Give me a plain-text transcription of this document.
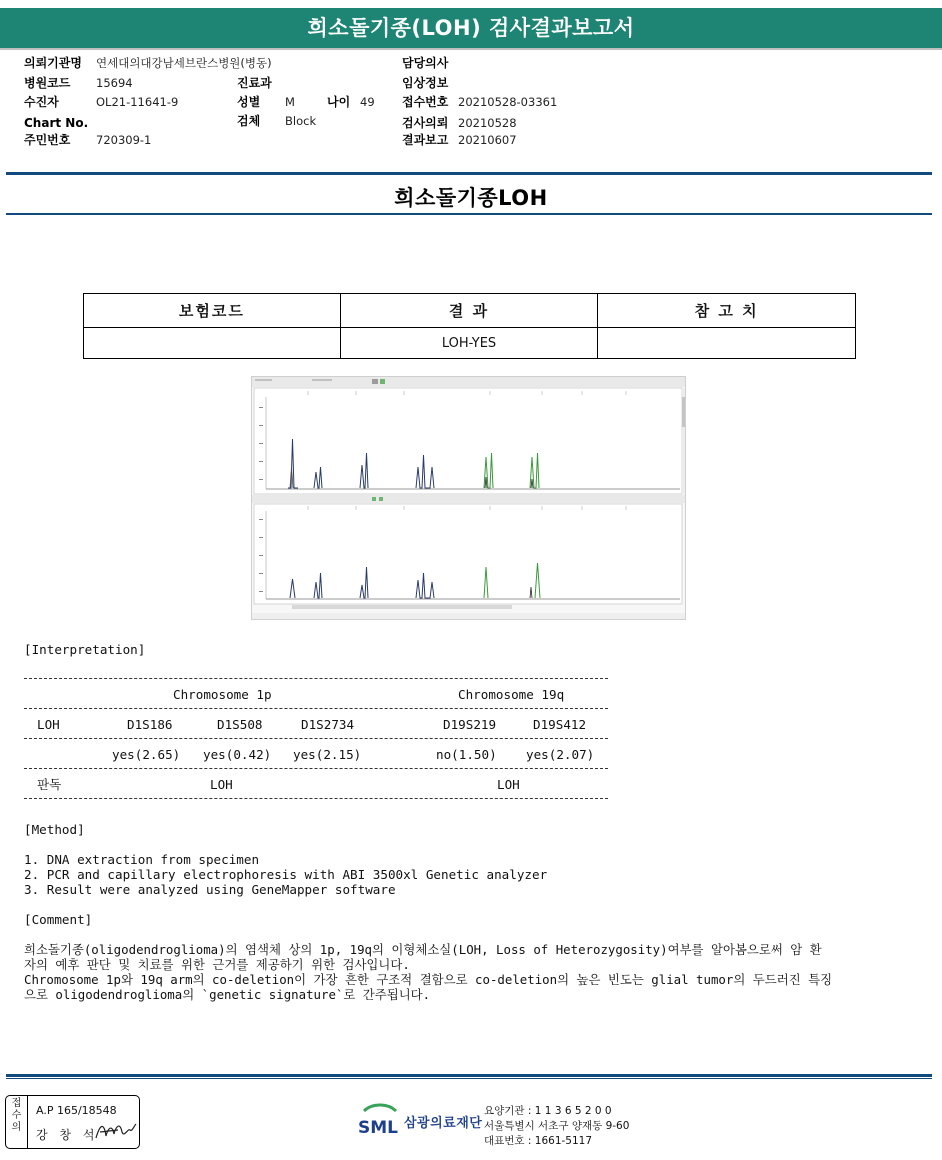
희소돌기종(LOH) 검사결과보고서
의뢰기관명 연세대의대강남세브란스병원(병동)
병원코드 15694
수진자	OL21-11641-9
Chart No.
주민번호 720309-1
진료과
성별 M	나이 49
검체 Block
담당의사
임상정보
접수번호 20210528-03361
검사의뢰 20210528
결과보고 20210607
희소돌기종LOH
보험코드	결 과	참 고 치
	LOH-YES	
[Interpretation]
Chromosome 1p	Chromosome 19q
LOH	D1S186	D1S508	D1S2734	D19S219	D19S412
yes(2.65) yes(0.42) yes(2.15)	no(1.50) yes(2.07)
판독	LOH	LOH
[Method]
1. DNA extraction from specimen
2. PCR and capillary electrophoresis with ABI 3500xl Genetic analyzer
3. Result were analyzed using GeneMapper software
[Comment]
희소돌기종(oligodendroglioma)의 염색체 상의 1p, 19q의 이형체소실(LOH, Loss of Heterozygosity)여부를 알아봄으로써 암 환
자의 예후 판단 및 치료를 위한 근거를 제공하기 위한 검사입니다.
Chromosome 1p와 19q arm의 co-deletion이 가장 흔한 구조적 결함으로 co-deletion의 높은 빈도는 glial tumor의 두드러진 특징
으로 oligodendroglioma의 `genetic signature`로 간주됩니다.
접
수
의
A.P 165/18548
강 창 석	SML 삼광의료재단
요양기관 : 1 1 3 6 5 2 0 0
서울특별시 서초구 양재동 9-60
대표번호 : 1661-5117
